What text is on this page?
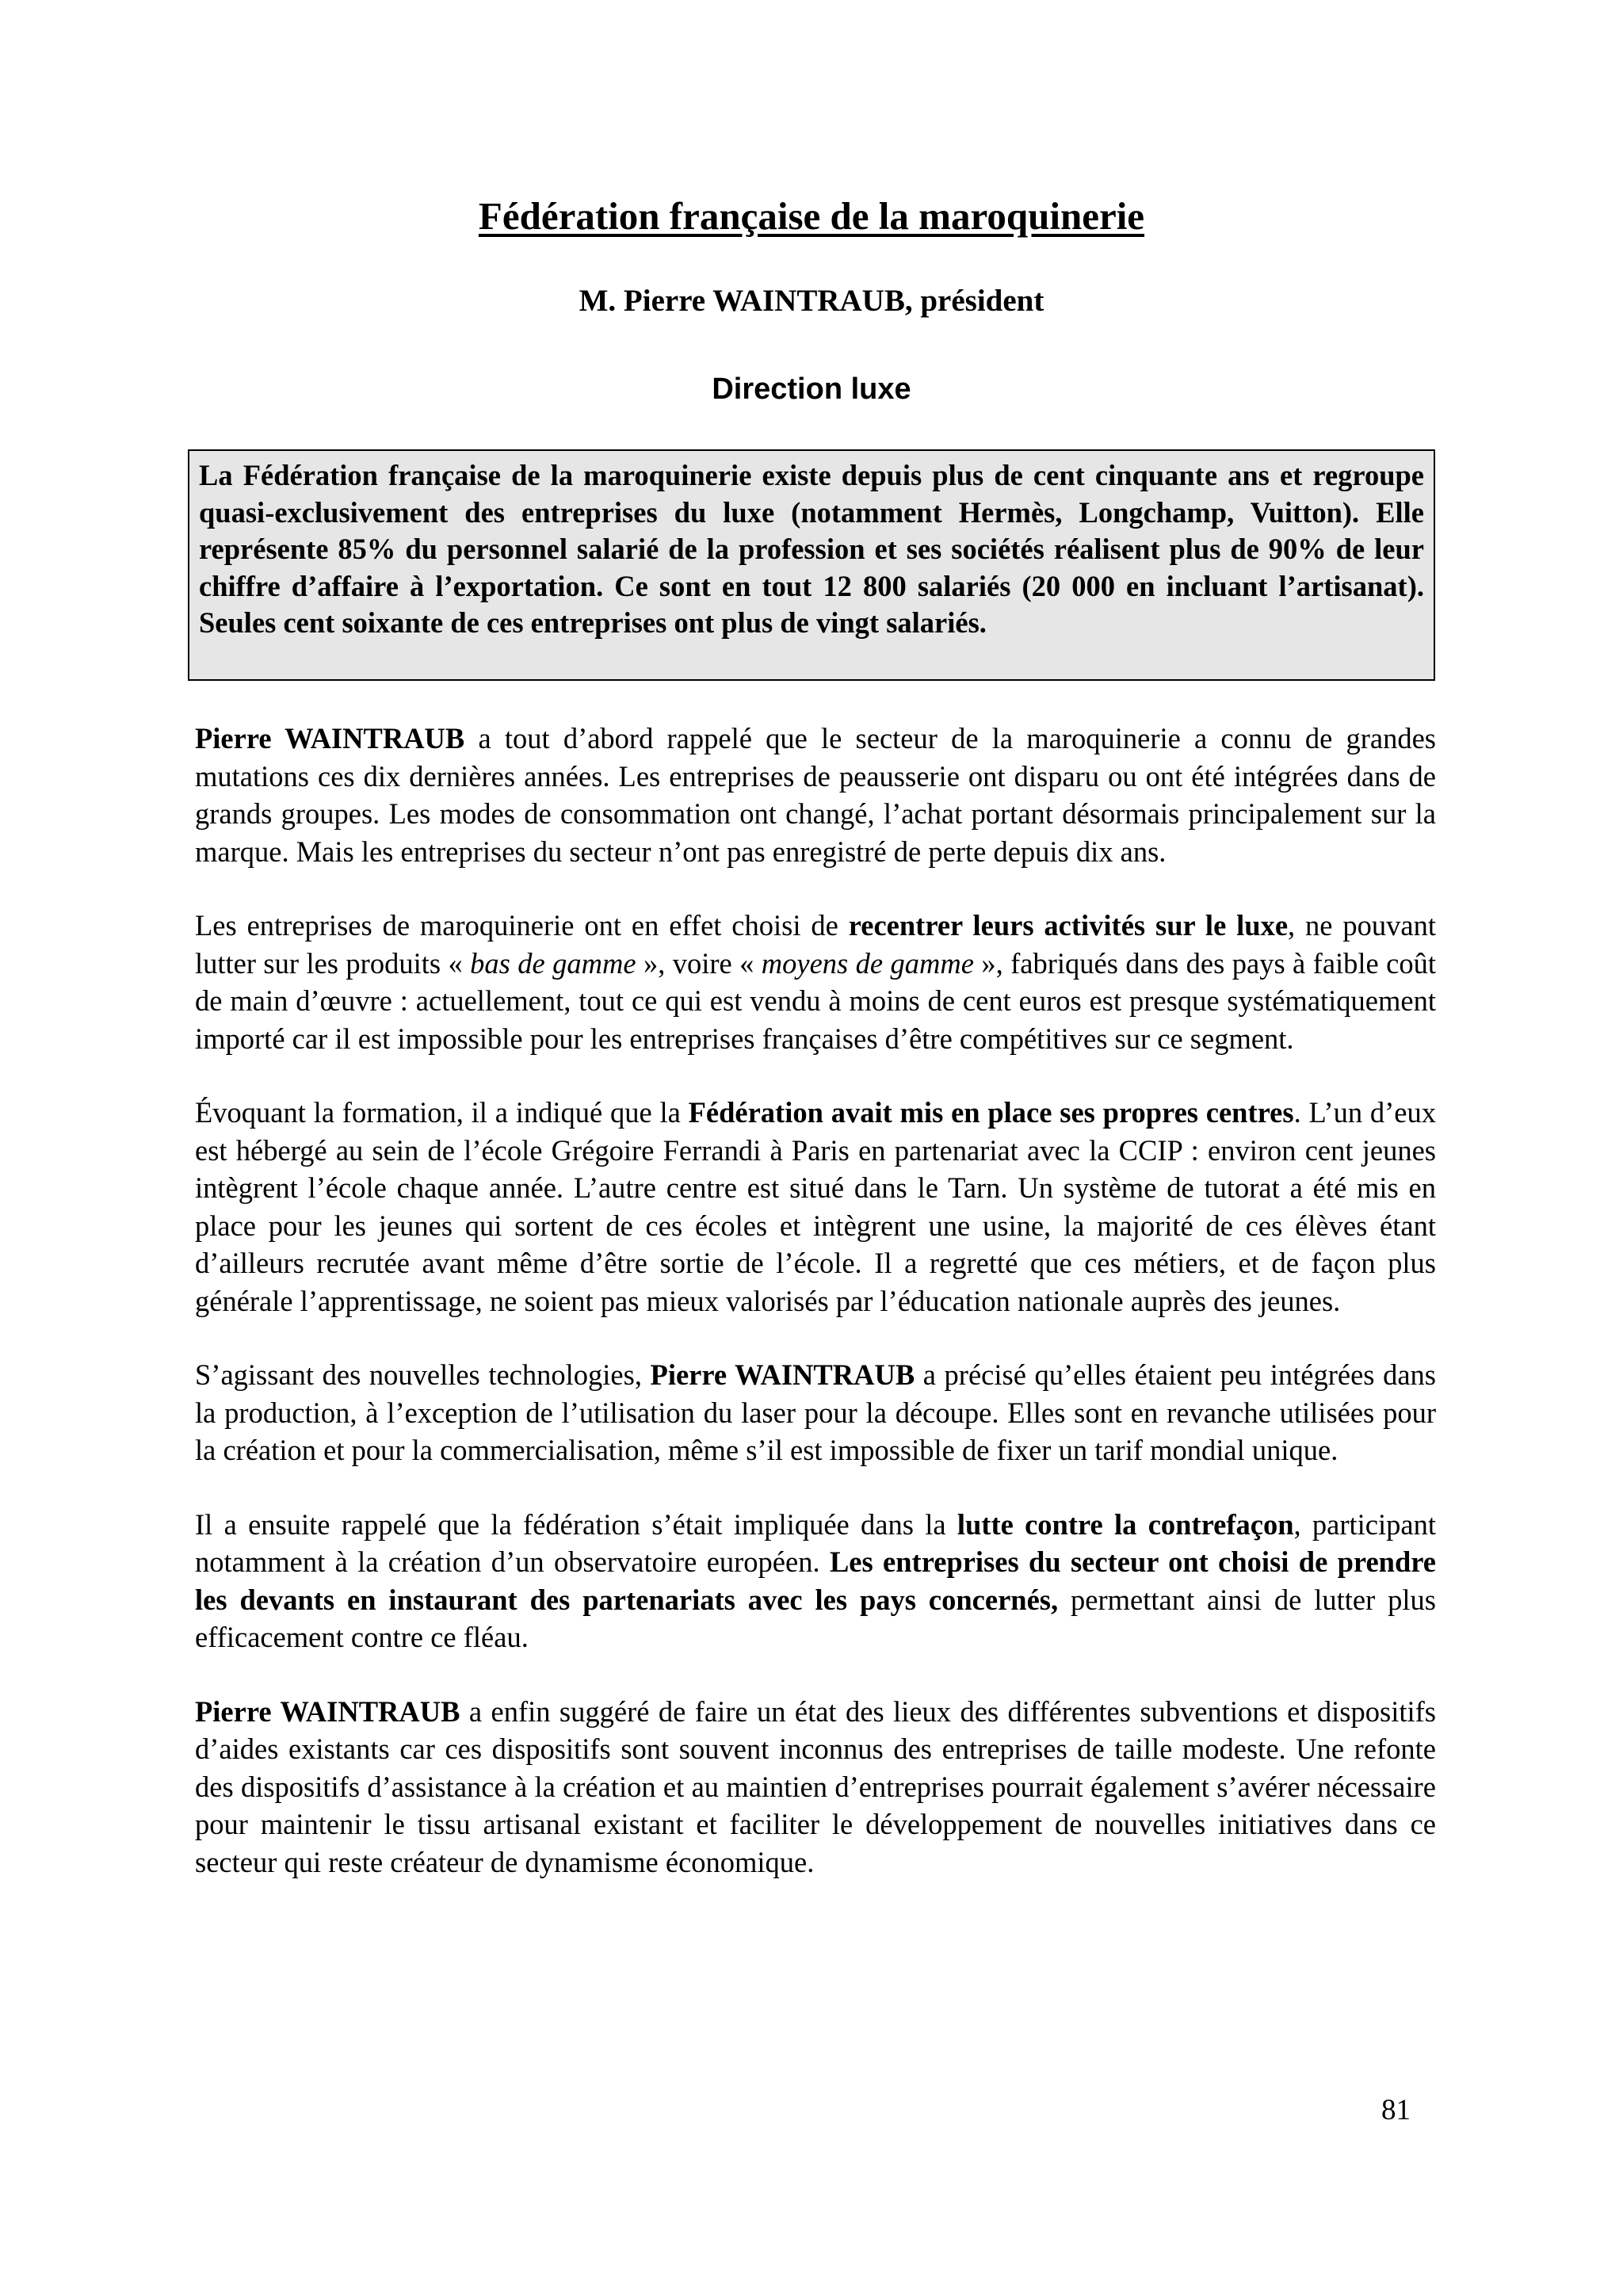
Fédération française de la maroquinerie
M. Pierre WAINTRAUB, président
Direction luxe

La Fédération française de la maroquinerie existe depuis plus de cent cinquante ans et regroupe quasi-exclusivement des entreprises du luxe (notamment Hermès, Longchamp, Vuitton). Elle représente 85% du personnel salarié de la profession et ses sociétés réalisent plus de 90% de leur chiffre d’affaire à l’exportation. Ce sont en tout 12 800 salariés (20 000 en incluant l’artisanat). Seules cent soixante de ces entreprises ont plus de vingt salariés.

Pierre WAINTRAUB a tout d’abord rappelé que le secteur de la maroquinerie a connu de grandes mutations ces dix dernières années. Les entreprises de peausserie ont disparu ou ont été intégrées dans de grands groupes. Les modes de consommation ont changé, l’achat portant désormais principalement sur la marque. Mais les entreprises du secteur n’ont pas enregistré de perte depuis dix ans.

Les entreprises de maroquinerie ont en effet choisi de recentrer leurs activités sur le luxe, ne pouvant lutter sur les produits « bas de gamme », voire « moyens de gamme », fabriqués dans des pays à faible coût de main d’œuvre : actuellement, tout ce qui est vendu à moins de cent euros est presque systématiquement importé car il est impossible pour les entreprises françaises d’être compétitives sur ce segment.

Évoquant la formation, il a indiqué que la Fédération avait mis en place ses propres centres. L’un d’eux est hébergé au sein de l’école Grégoire Ferrandi à Paris en partenariat avec la CCIP : environ cent jeunes intègrent l’école chaque année. L’autre centre est situé dans le Tarn. Un système de tutorat a été mis en place pour les jeunes qui sortent de ces écoles et intègrent une usine, la majorité de ces élèves étant d’ailleurs recrutée avant même d’être sortie de l’école. Il a regretté que ces métiers, et de façon plus générale l’apprentissage, ne soient pas mieux valorisés par l’éducation nationale auprès des jeunes.

S’agissant des nouvelles technologies, Pierre WAINTRAUB a précisé qu’elles étaient peu intégrées dans la production, à l’exception de l’utilisation du laser pour la découpe. Elles sont en revanche utilisées pour la création et pour la commercialisation, même s’il est impossible de fixer un tarif mondial unique.

Il a ensuite rappelé que la fédération s’était impliquée dans la lutte contre la contrefaçon, participant notamment à la création d’un observatoire européen. Les entreprises du secteur ont choisi de prendre les devants en instaurant des partenariats avec les pays concernés, permettant ainsi de lutter plus efficacement contre ce fléau.

Pierre WAINTRAUB a enfin suggéré de faire un état des lieux des différentes subventions et dispositifs d’aides existants car ces dispositifs sont souvent inconnus des entreprises de taille modeste. Une refonte des dispositifs d’assistance à la création et au maintien d’entreprises pourrait également s’avérer nécessaire pour maintenir le tissu artisanal existant et faciliter le développement de nouvelles initiatives dans ce secteur qui reste créateur de dynamisme économique.

81
